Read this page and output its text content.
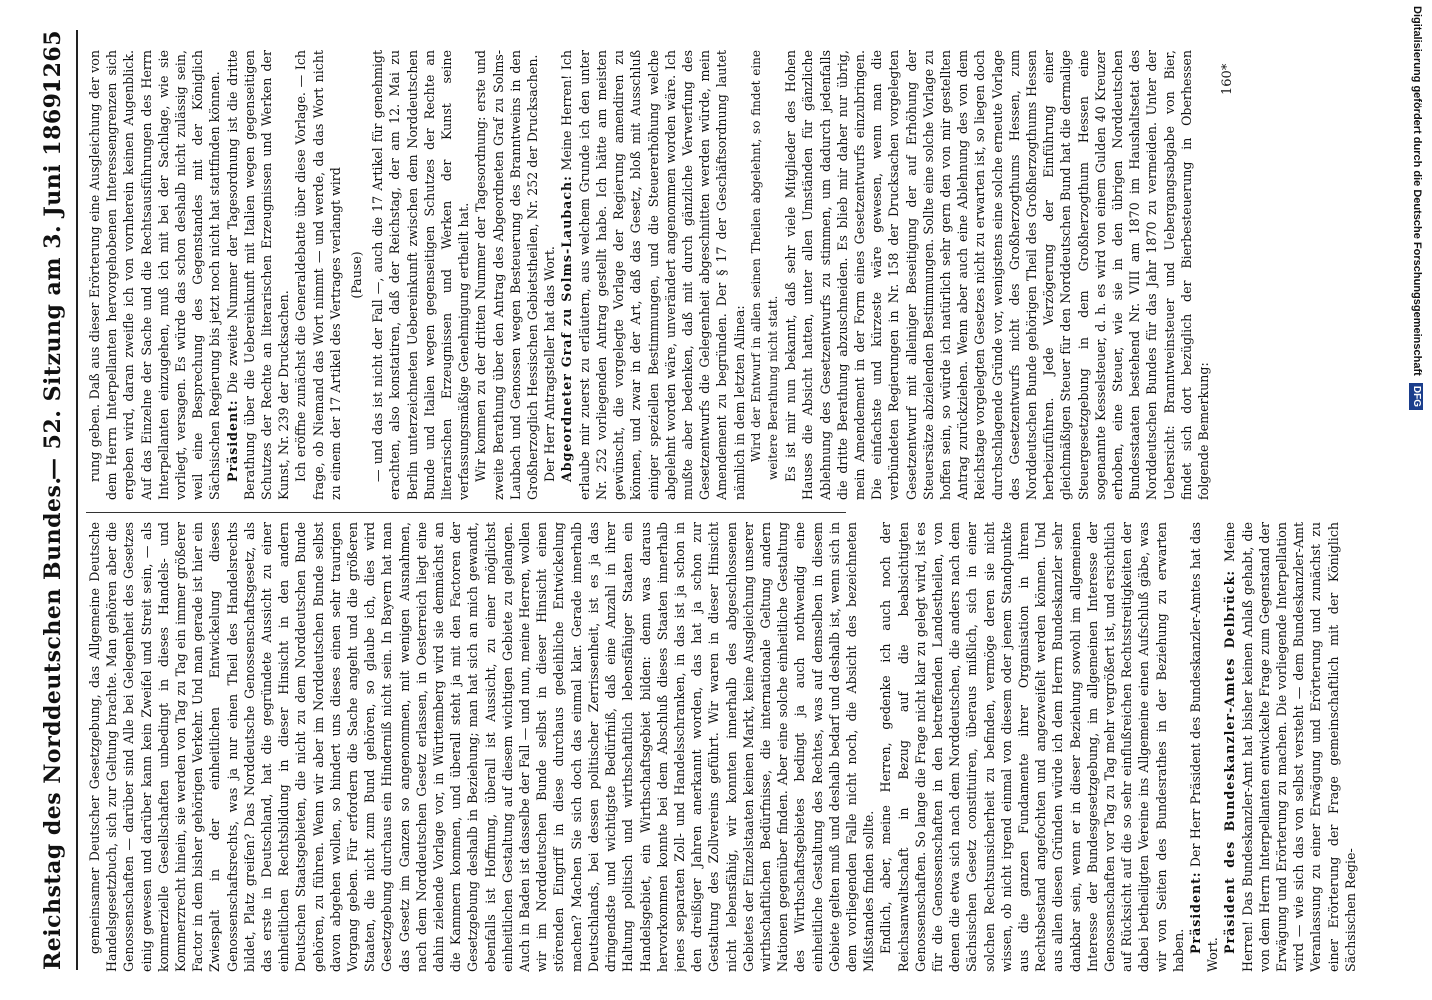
Reichstag des Norddeutschen Bundes.
— 52. Sitzung am 3. Juni 1869.
1265

gemeinsamer Deutscher Gesetzgebung, das Allgemeine Deutsche Handelsgesetzbuch, sich zur Geltung brachte. Man gehören aber die Genossenschaften — darüber sind Alle bei Gelegenheit des Gesetzes einig gewesen und darüber kann kein Zweifel und Streit sein, — als kommerzielle Gesellschaften unbedingt in dieses Handels- und Kommerzrecht hinein, sie werden von Tag zu Tag ein immer größerer Factor in dem bisher gehörigen Verkehr. Und man gerade ist hier ein Zwiespalt in der einheitlichen Entwickelung dieses Genossenschaftsrechts, was ja nur einen Theil des Handelsrechts bildet, Platz greifen? Das Norddeutsche Genossenschaftsgesetz, als das erste in Deutschland, hat die gegründete Aussicht zu einer einheitlichen Rechtsbildung in dieser Hinsicht in den andern Deutschen Staatsgebieten, die nicht zu dem Norddeutschen Bunde gehören, zu führen. Wenn wir aber im Norddeutschen Bunde selbst davon abgehen wollen, so hindert uns dieses einen sehr traurigen Vorgang geben. Für erfordern die Sache angeht und die größeren Staaten, die nicht zum Bund gehören, so glaube ich, dies wird Gesetzgebung durchaus ein Hinderniß nicht sein. In Bayern hat man das Gesetz im Ganzen so angenommen, mit wenigen Ausnahmen, nach dem Norddeutschen Gesetz erlassen, in Oesterreich liegt eine dahin zielende Vorlage vor, in Württemberg wird sie demnächst an die Kammern kommen, und überall steht ja mit den Factoren der Gesetzgebung deshalb in Beziehung; man hat sich an mich gewandt, ebenfalls ist Hoffnung, überall ist Aussicht, zu einer möglichst einheitlichen Gestaltung auf diesem wichtigen Gebiete zu gelangen. Auch in Baden ist dasselbe der Fall — und nun, meine Herren, wollen wir im Norddeutschen Bunde selbst in dieser Hinsicht einen störenden Eingriff in diese durchaus gedeihliche Entwickelung machen? Machen Sie sich doch das einmal klar. Gerade innerhalb Deutschlands, bei dessen politischer Zerrissenheit, ist es ja das dringendste und wichtigste Bedürfniß, daß eine Anzahl in ihrer Haltung politisch und wirthschaftlich lebensfähiger Staaten ein Handelsgebiet, ein Wirthschaftsgebiet bilden: denn was daraus hervorkommen konnte bei dem Abschluß dieses Staaten innerhalb jenes separaten Zoll- und Handelsschranken, in das ist ja schon in den dreißiger Jahren anerkannt worden, das hat ja schon zur Gestaltung des Zollvereins geführt. Wir waren in dieser Hinsicht nicht lebensfähig, wir konnten innerhalb des abgeschlossenen Gebietes der Einzelstaaten keinen Markt, keine Ausgleichung unserer wirthschaftlichen Bedürfnisse, die internationale Geltung andern Nationen gegenüber finden. Aber eine solche einheitliche Gestaltung des Wirthschaftsgebietes bedingt ja auch nothwendig eine einheitliche Gestaltung des Rechtes, was auf demselben in diesem Gebiete gelten muß und deshalb bedarf und deshalb ist, wenn sich in dem vorliegenden Falle nicht noch, die Absicht des bezeichneten Mißstandes finden sollte. Endlich, aber, meine Herren, gedenke ich auch noch der Reichsanwaltschaft in Bezug auf die beabsichtigten Genossenschaften. So lange die Frage nicht klar zu gelegt wird, ist es für die Genossenschaften in den betreffenden Landestheilen, von denen die etwa sich nach dem Norddeutschen, die anders nach dem Sächsischen Gesetz constituiren, überaus mißlich, sich in einer solchen Rechtsunsicherheit zu befinden, vermöge deren sie nicht wissen, ob nicht irgend einmal von diesem oder jenem Standpunkte aus die ganzen Fundamente ihrer Organisation in ihrem Rechtsbestand angefochten und angezweifelt werden können. Und aus allen diesen Gründen würde ich dem Herrn Bundeskanzler sehr dankbar sein, wenn er in dieser Beziehung sowohl im allgemeinen Interesse der Bundesgesetzgebung, im allgemeinen Interesse der Genossenschaften vor Tag zu Tag mehr vergrößert ist, und ersichtlich auf Rücksicht auf die so sehr einflußreichen Rechtsstreitigkeiten der dabei betheiligten Vereine ins Allgemeine einen Aufschluß gäbe, was wir von Seiten des Bundesrathes in der Beziehung zu erwarten haben. Präsident: Der Herr Präsident des Bundeskanzler-Amtes hat das Wort.

Präsident des Bundeskanzler-Amtes Delbrück: Meine Herren! Das Bundeskanzler-Amt hat bisher keinen Anlaß gehabt, die von dem Herrn Interpellanten entwickelte Frage zum Gegenstand der Erwägung und Erörterung zu machen. Die vorliegende Interpellation wird — wie sich das von selbst versteht — dem Bundeskanzler-Amt Veranlassung zu einer Erwägung und Erörterung und zunächst zu einer Erörterung der Frage gemeinschaftlich mit der Königlich Sächsischen Regie-

rung geben. Daß aus dieser Erörterung eine Ausgleichung der von dem Herrn Interpellanten hervorgehobenen Interessengrenzen sich ergeben wird, daran zweifle ich von vornherein keinen Augenblick. Auf das Einzelne der Sache und die Rechtsausführungen des Herrn Interpellanten einzugehen, muß ich mit bei der Sachlage, wie sie vorliegt, versagen. Es würde das schon deshalb nicht zulässig sein, weil eine Besprechung des Gegenstandes mit der Königlich Sächsischen Regierung bis jetzt noch nicht hat stattfinden können. Präsident: Die zweite Nummer der Tagesordnung ist die dritte Berathung über die Uebereinkunft mit Italien wegen gegenseitigen Schutzes der Rechte an literarischen Erzeugnissen und Werken der Kunst, Nr. 239 der Drucksachen. Ich eröffne zunächst die Generaldebatte über diese Vorlage. — Ich frage, ob Niemand das Wort nimmt — und werde, da das Wort nicht zu einem der 17 Artikel des Vertrages verlangt wird (Pause) — und das ist nicht der Fall —, auch die 17 Artikel für genehmigt erachten, also konstatiren, daß der Reichstag, der am 12. Mai zu Berlin unterzeichneten Uebereinkunft zwischen dem Norddeutschen Bunde und Italien wegen gegenseitigen Schutzes der Rechte an literarischen Erzeugnissen und Werken der Kunst seine verfassungsmäßige Genehmigung ertheilt hat. Wir kommen zu der dritten Nummer der Tagesordnung: erste und zweite Berathung über den Antrag des Abgeordneten Graf zu Solms-Laubach und Genossen wegen Besteuerung des Branntweins in den Großherzoglich Hessischen Gebietstheilen, Nr. 252 der Drucksachen. Der Herr Antragsteller hat das Wort. Abgeordneter Graf zu Solms-Laubach: Meine Herren! Ich erlaube mir zuerst zu erläutern, aus welchem Grunde ich den unter Nr. 252 vorliegenden Antrag gestellt habe. Ich hätte am meisten gewünscht, die vorgelegte Vorlage der Regierung amendiren zu können, und zwar in der Art, daß das Gesetz, bloß mit Ausschluß einiger speziellen Bestimmungen, und die Steuererhöhung welche abgelehnt worden wäre, unverändert angenommen worden wäre. Ich mußte aber bedenken, daß mit durch gänzliche Verwerfung des Gesetzentwurfs die Gelegenheit abgeschnitten werden würde, mein Amendement zu begründen. Der § 17 der Geschäftsordnung lautet nämlich in dem letzten Alinea: Wird der Entwurf in allen seinen Theilen abgelehnt, so findet eine weitere Berathung nicht statt. Es ist mir nun bekannt, daß sehr viele Mitglieder des Hohen Hauses die Absicht hatten, unter allen Umständen für gänzliche Ablehnung des Gesetzentwurfs zu stimmen, um dadurch jedenfalls die dritte Berathung abzuschneiden. Es blieb mir daher nur übrig, mein Amendement in der Form eines Gesetzentwurfs einzubringen. Die einfachste und kürzeste wäre gewesen, wenn man die verbündeten Regierungen in Nr. 158 der Drucksachen vorgelegten Gesetzentwurf mit alleiniger Beseitigung der auf Erhöhung der Steuersätze abzielenden Bestimmungen. Sollte eine solche Vorlage zu hoffen sein, so würde ich natürlich sehr gern den von mir gestellten Antrag zurückziehen. Wenn aber auch eine Ablehnung des von dem Reichstage vorgelegten Gesetzes nicht zu erwarten ist, so liegen doch durchschlagende Gründe vor, wenigstens eine solche erneute Vorlage des Gesetzentwurfs nicht des Großherzogthums Hessen, zum Norddeutschen Bunde gehörigen Theil des Großherzogthums Hessen herbeizuführen. Jede Verzögerung der Einführung einer gleichmäßigen Steuer für den Norddeutschen Bund hat die dermalige Steuergesetzgebung in dem Großherzogthum Hessen eine sogenannte Kesselsteuer, d. h. es wird von einem Gulden 40 Kreuzer erhoben, eine Steuer, wie sie in den übrigen Norddeutschen Bundesstaaten bestehend Nr. VIII am 1870 im Haushaltsetat des Norddeutschen Bundes für das Jahr 1870 zu vermeiden. Unter der Uebersicht: Branntweinsteuer und Uebergangsabgabe von Bier, findet sich dort bezüglich der Bierbesteuerung in Oberhessen folgende Bemerkung:

160*	Digitalisierung gefördert durch die Deutsche Forschungsgemeinschaft DFG
